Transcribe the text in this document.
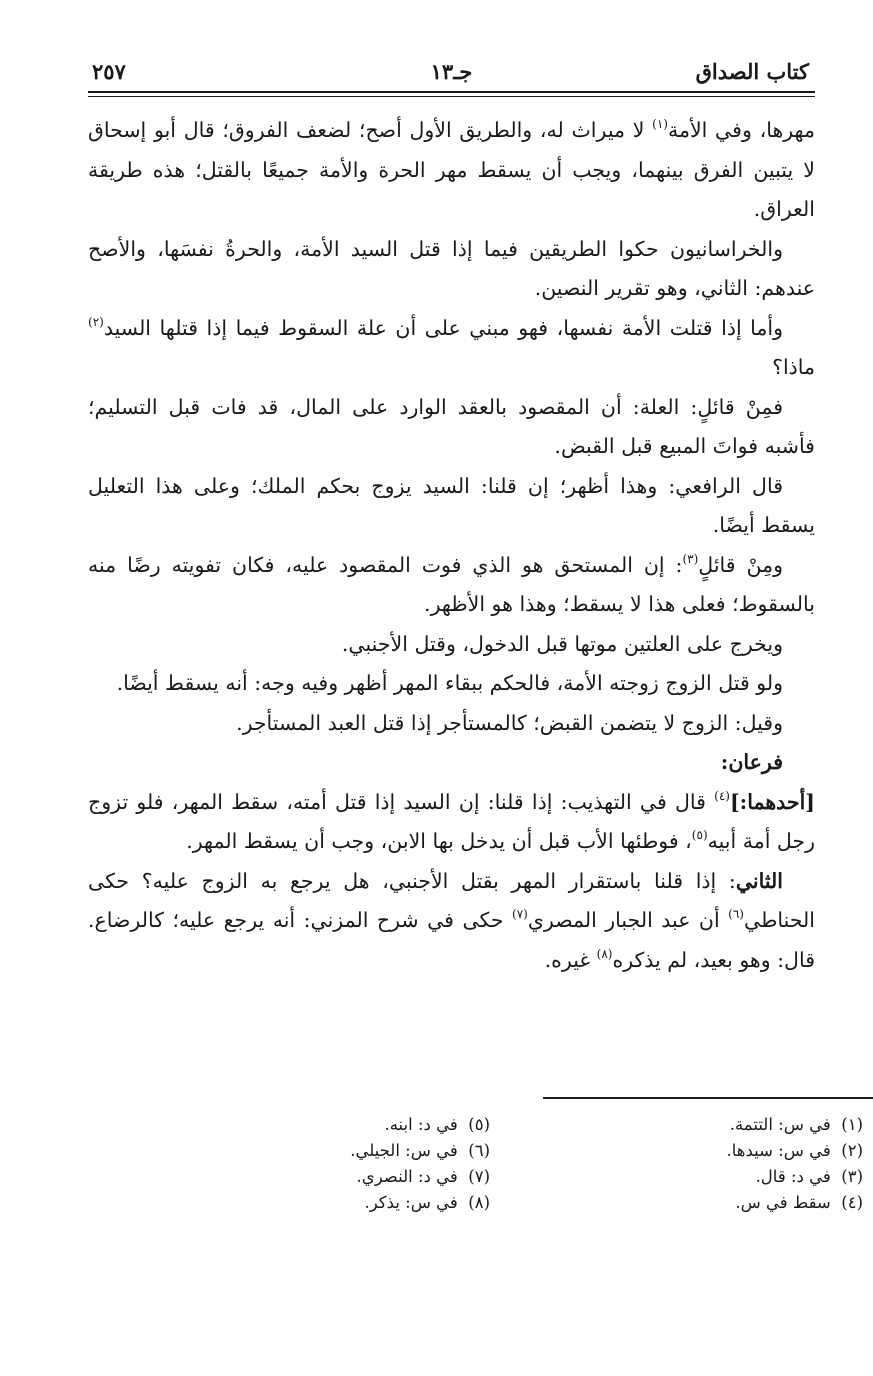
كتاب الصداق
جـ١٣
٢٥٧

مهرها، وفي الأمة$^{(١)}$ لا ميراث له، والطريق الأول أصح؛ لضعف الفروق؛ قال أبو إسحاق لا يتبين الفرق بينهما، ويجب أن يسقط مهر الحرة والأمة جميعًا بالقتل؛ هذه طريقة العراق.

والخراسانيون حكوا الطريقين فيما إذا قتل السيد الأمة، والحرةُ نفسَها، والأصح عندهم: الثاني، وهو تقرير النصين.

وأما إذا قتلت الأمة نفسها، فهو مبني على أن علة السقوط فيما إذا قتلها السيد$^{(٢)}$ ماذا؟

فمِنْ قائلٍ: العلة: أن المقصود بالعقد الوارد على المال، قد فات قبل التسليم؛ فأشبه فواتَ المبيع قبل القبض.

قال الرافعي: وهذا أظهر؛ إن قلنا: السيد يزوج بحكم الملك؛ وعلى هذا التعليل يسقط أيضًا.

ومِنْ قائلٍ$^{(٣)}$: إن المستحق هو الذي فوت المقصود عليه، فكان تفويته رضًا منه بالسقوط؛ فعلى هذا لا يسقط؛ وهذا هو الأظهر.

ويخرج على العلتين موتها قبل الدخول، وقتل الأجنبي.

ولو قتل الزوج زوجته الأمة، فالحكم ببقاء المهر أظهر وفيه وجه: أنه يسقط أيضًا.

وقيل: الزوج لا يتضمن القبض؛ كالمستأجر إذا قتل العبد المستأجر.

فرعان:

[أحدهما:]$^{(٤)}$ قال في التهذيب: إذا قلنا: إن السيد إذا قتل أمته، سقط المهر، فلو تزوج رجل أمة أبيه$^{(٥)}$، فوطئها الأب قبل أن يدخل بها الابن، وجب أن يسقط المهر.

الثاني: إذا قلنا باستقرار المهر بقتل الأجنبي، هل يرجع به الزوج عليه؟ حكى الحناطي$^{(٦)}$ أن عبد الجبار المصري$^{(٧)}$ حكى في شرح المزني: أنه يرجع عليه؛ كالرضاع. قال: وهو بعيد، لم يذكره$^{(٨)}$ غيره.

(١)  في س: التتمة.
(٢)  في س: سيدها.
(٣)  في د: قال.
(٤)  سقط في س.
(٥)  في د: ابنه.
(٦)  في س: الجيلي.
(٧)  في د: النصري.
(٨)  في س: يذكر.
